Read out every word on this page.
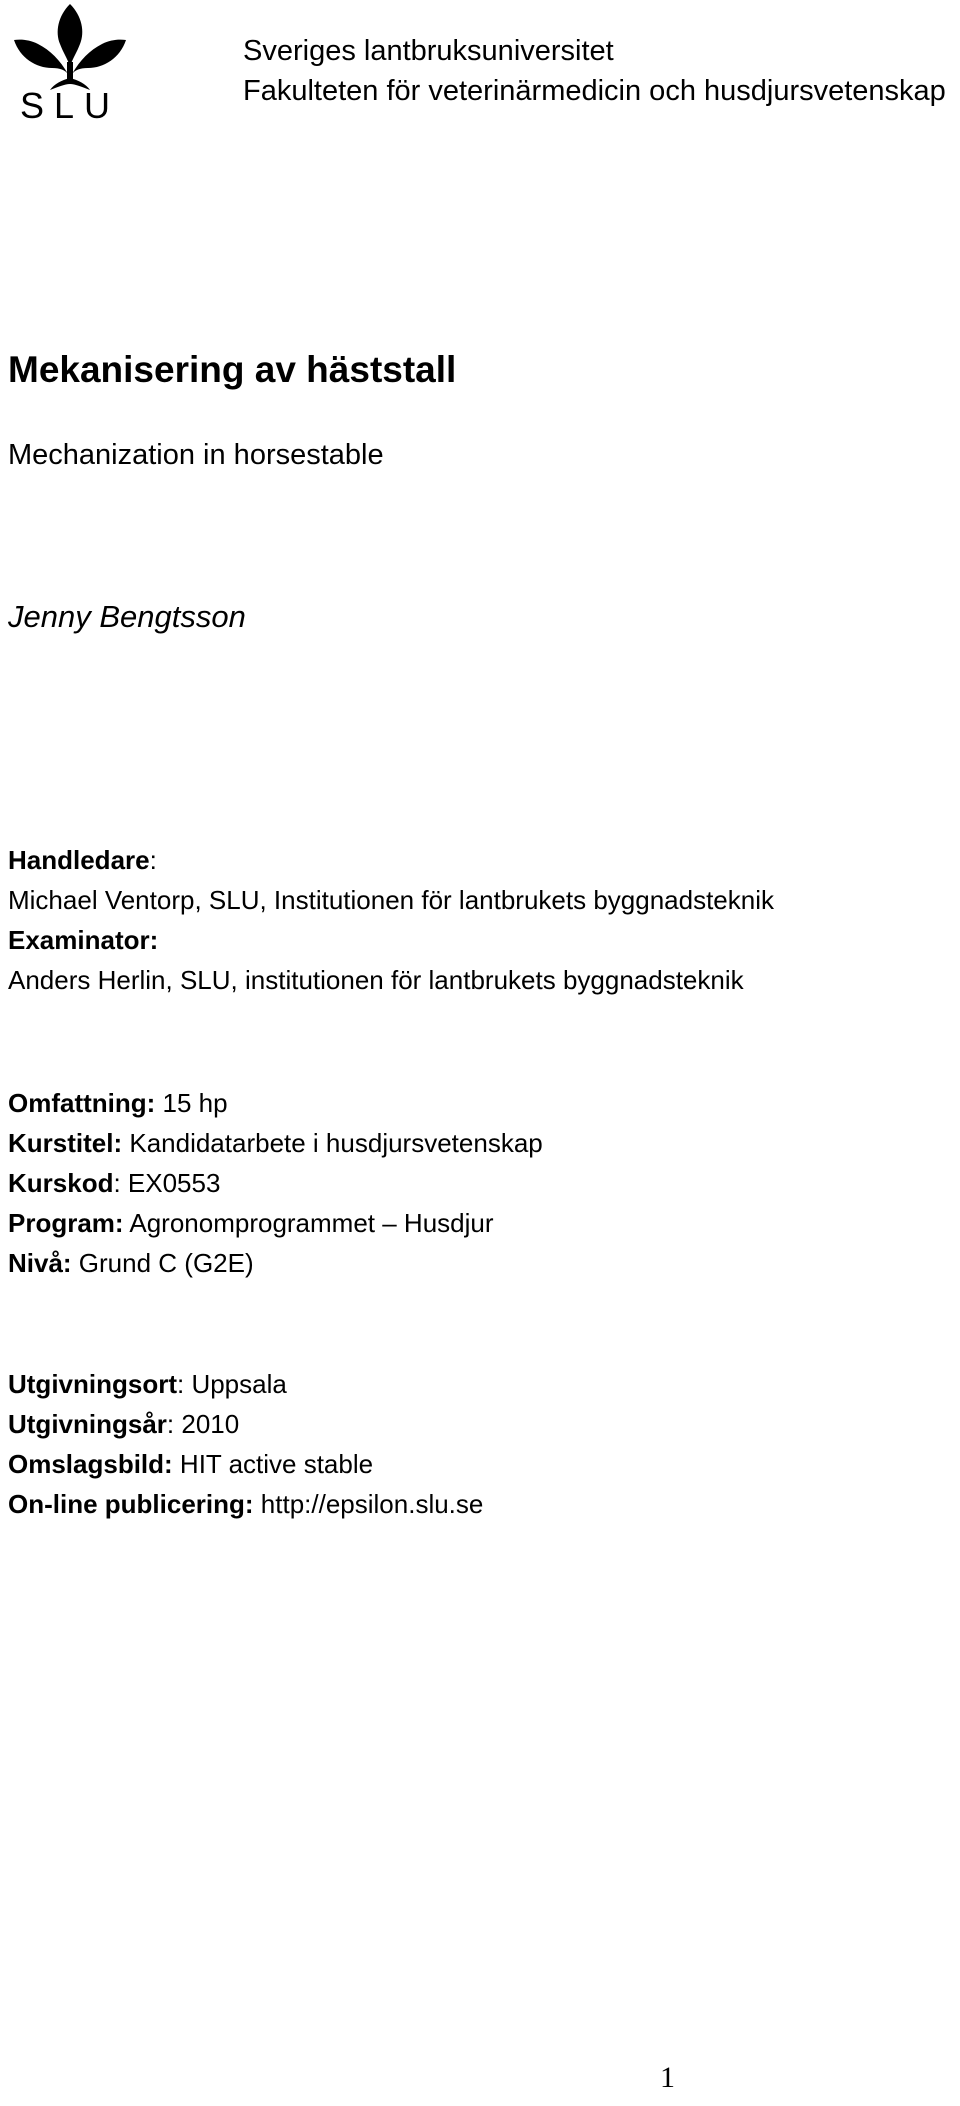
SLU
Sveriges lantbruksuniversitet
Fakulteten för veterinärmedicin och husdjursvetenskap
Mekanisering av häststall
Mechanization in horsestable
Jenny Bengtsson
Handledare:
Michael Ventorp, SLU, Institutionen för lantbrukets byggnadsteknik
Examinator:
Anders Herlin, SLU, institutionen för lantbrukets byggnadsteknik
Omfattning: 15 hp
Kurstitel: Kandidatarbete i husdjursvetenskap
Kurskod: EX0553
Program: Agronomprogrammet – Husdjur
Nivå: Grund C (G2E)
Utgivningsort: Uppsala
Utgivningsår: 2010
Omslagsbild: HIT active stable
On-line publicering: http://epsilon.slu.se
1
